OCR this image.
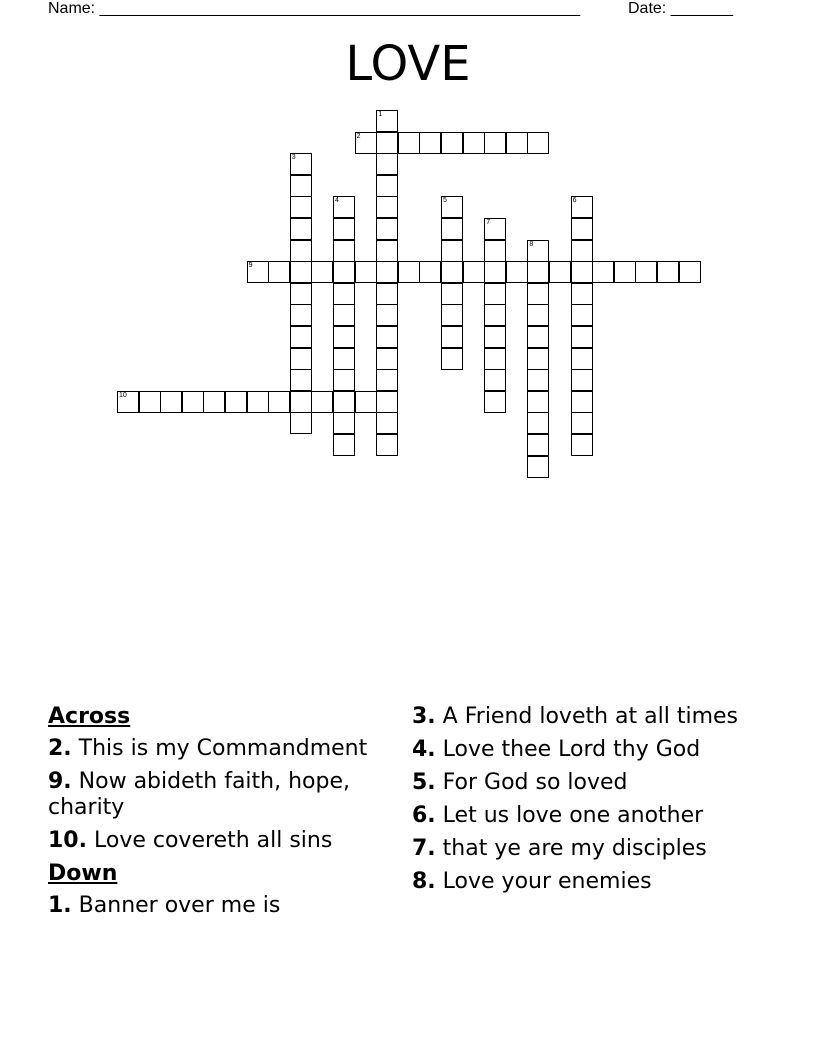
Name: ______________________________________________________	Date: _______
LOVE
1
2
3
4	5	6
7
8
9
10
Across
2. This is my Commandment
9. Now abideth faith, hope, charity
10. Love covereth all sins
Down
1. Banner over me is
3. A Friend loveth at all times
4. Love thee Lord thy God
5. For God so loved
6. Let us love one another
7. that ye are my disciples
8. Love your enemies
